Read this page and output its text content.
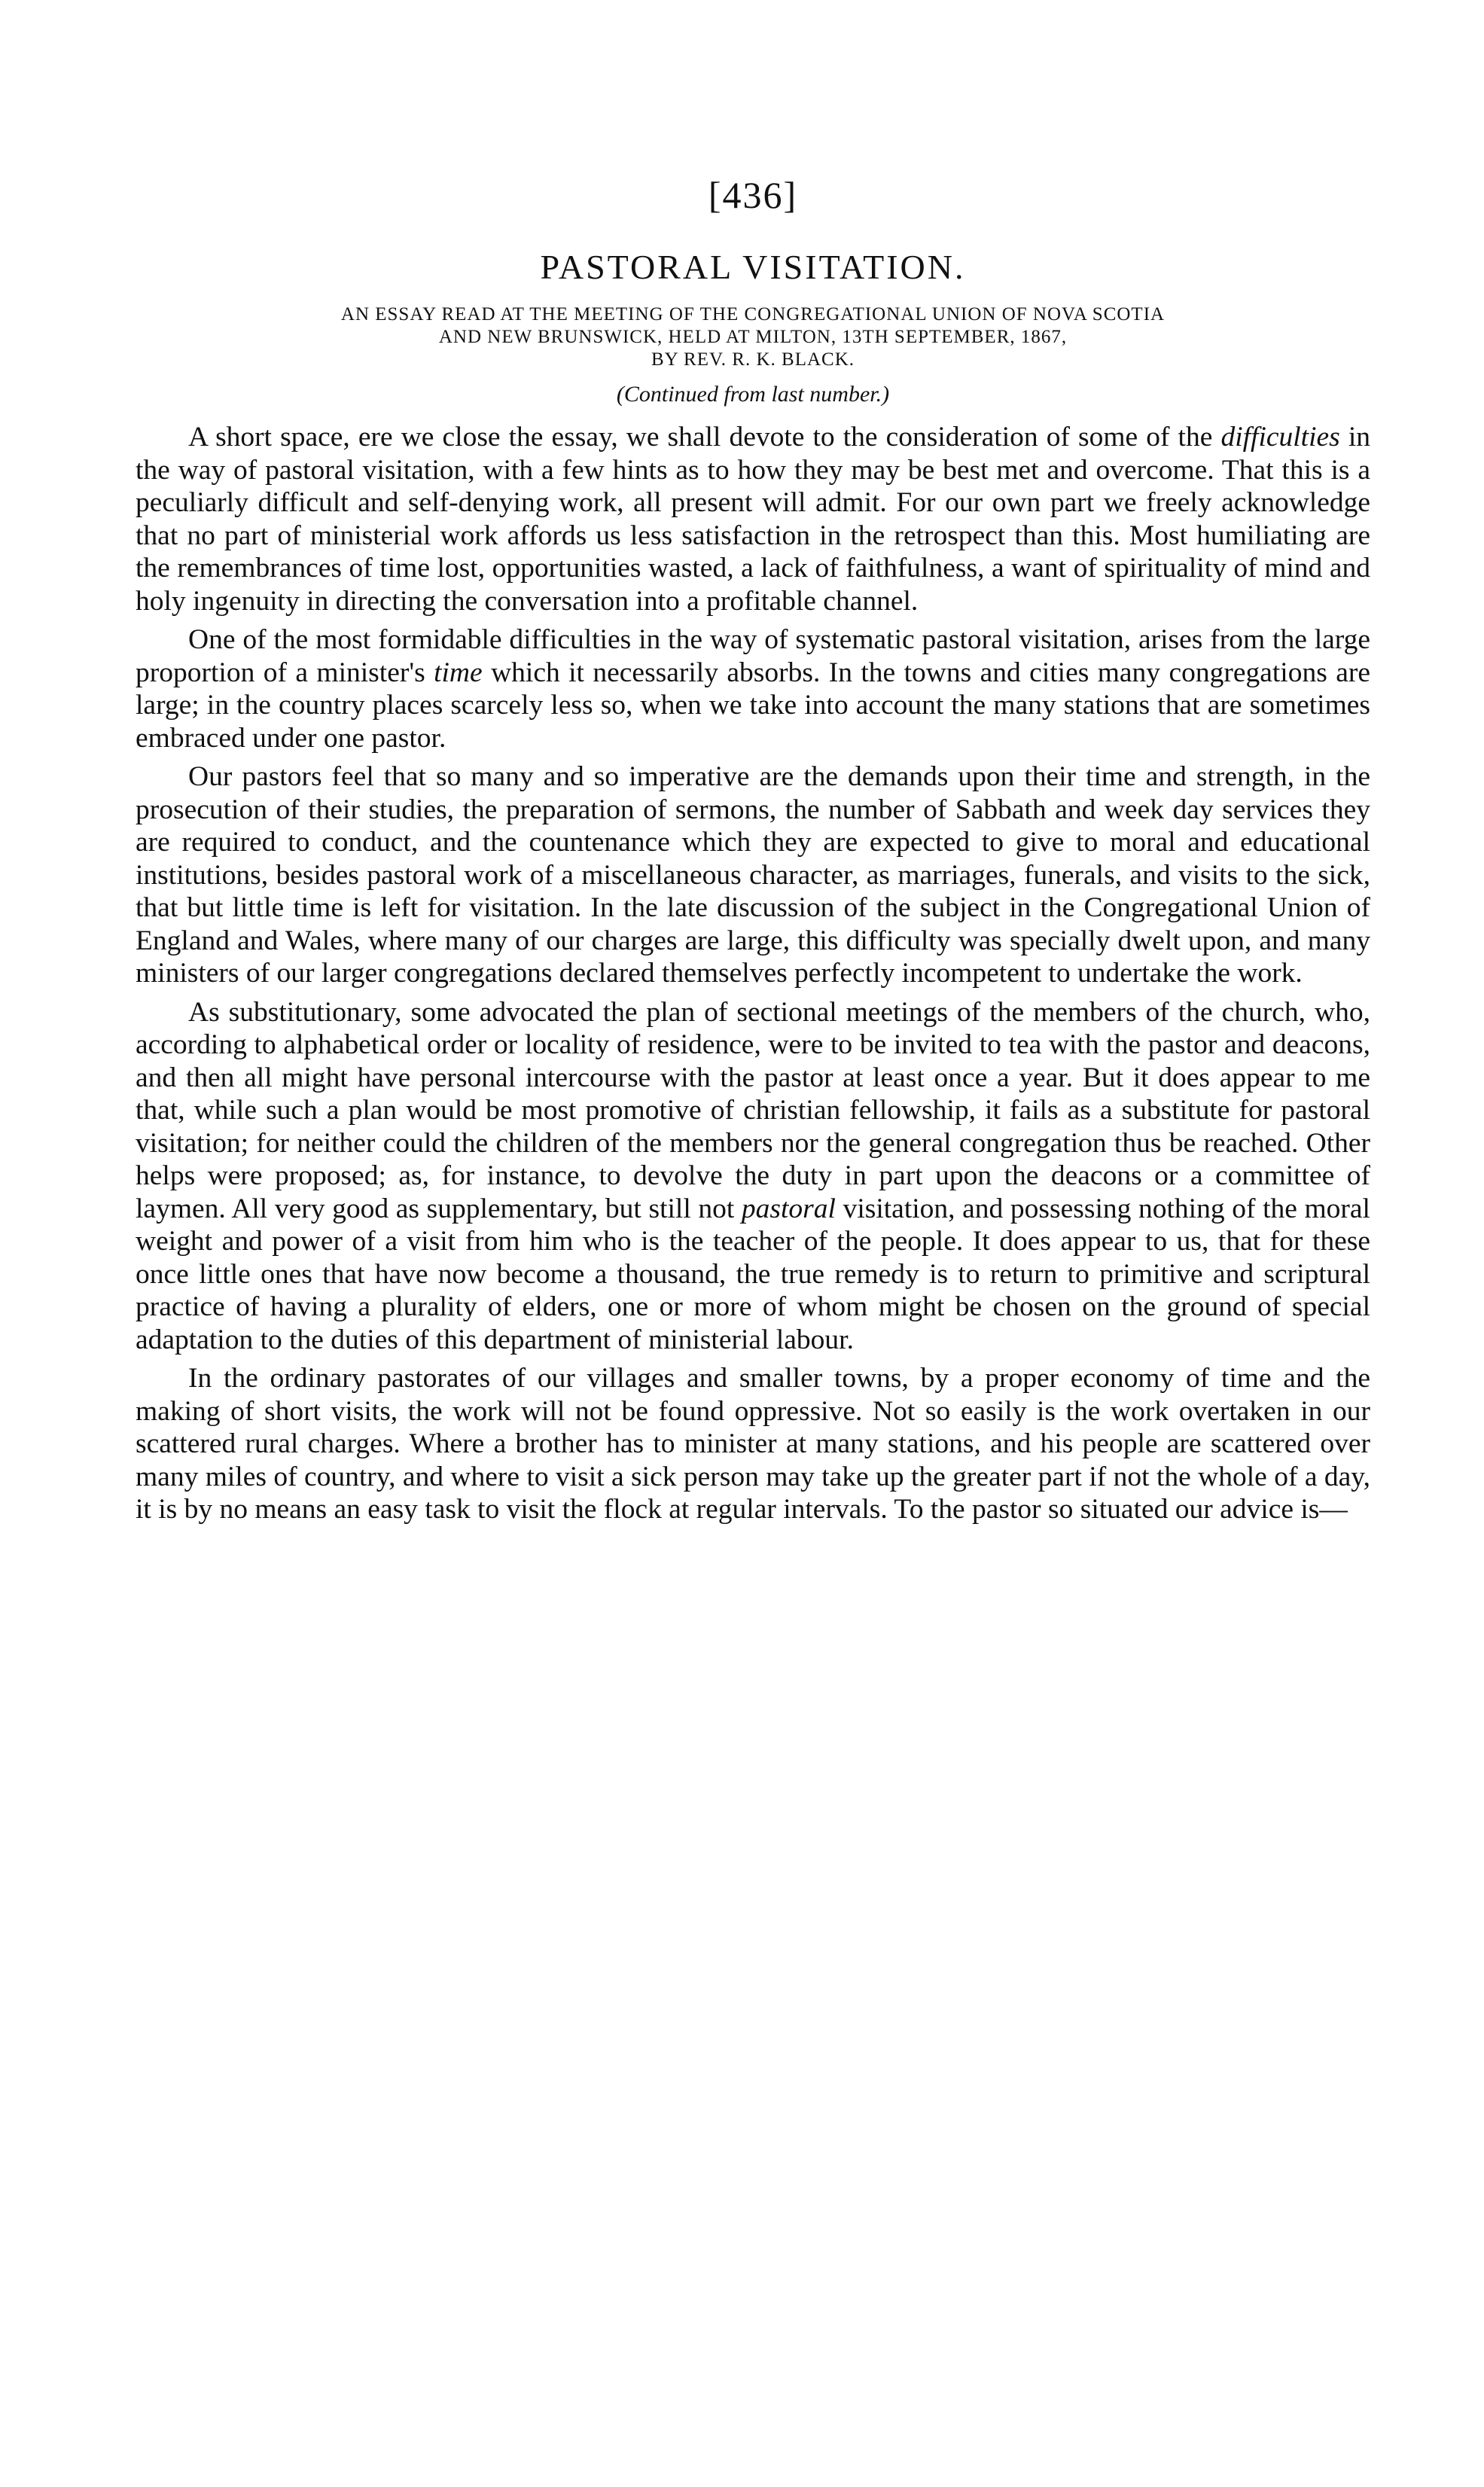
[436]
PASTORAL VISITATION.

AN ESSAY READ AT THE MEETING OF THE CONGREGATIONAL UNION OF NOVA SCOTIA

AND NEW BRUNSWICK, HELD AT MILTON, 13TH SEPTEMBER, 1867,

BY REV. R. K. BLACK.

(Continued from last number.)

A short space, ere we close the essay, we shall devote to the consideration of some of the difficulties in the way of pastoral visitation, with a few hints as to how they may be best met and overcome. That this is a peculiarly difficult and self-denying work, all present will admit. For our own part we freely acknowledge that no part of ministerial work affords us less satisfaction in the retrospect than this. Most humiliating are the remembrances of time lost, opportunities wasted, a lack of faithfulness, a want of spirituality of mind and holy ingenuity in directing the conversation into a profitable channel.

One of the most formidable difficulties in the way of systematic pastoral visitation, arises from the large proportion of a minister's time which it necessarily absorbs. In the towns and cities many congregations are large; in the country places scarcely less so, when we take into account the many stations that are sometimes embraced under one pastor.

Our pastors feel that so many and so imperative are the demands upon their time and strength, in the prosecution of their studies, the preparation of sermons, the number of Sabbath and week day services they are required to conduct, and the countenance which they are expected to give to moral and educational institutions, besides pastoral work of a miscellaneous character, as marriages, funerals, and visits to the sick, that but little time is left for visitation. In the late discussion of the subject in the Congregational Union of England and Wales, where many of our charges are large, this difficulty was specially dwelt upon, and many ministers of our larger congregations declared themselves perfectly incompetent to undertake the work.

As substitutionary, some advocated the plan of sectional meetings of the members of the church, who, according to alphabetical order or locality of residence, were to be invited to tea with the pastor and deacons, and then all might have personal intercourse with the pastor at least once a year. But it does appear to me that, while such a plan would be most promotive of christian fellowship, it fails as a substitute for pastoral visitation; for neither could the children of the members nor the general congregation thus be reached. Other helps were proposed; as, for instance, to devolve the duty in part upon the deacons or a committee of laymen. All very good as supplementary, but still not pastoral visitation, and possessing nothing of the moral weight and power of a visit from him who is the teacher of the people. It does appear to us, that for these once little ones that have now become a thousand, the true remedy is to return to primitive and scriptural practice of having a plurality of elders, one or more of whom might be chosen on the ground of special adaptation to the duties of this department of ministerial labour.

In the ordinary pastorates of our villages and smaller towns, by a proper economy of time and the making of short visits, the work will not be found oppressive. Not so easily is the work overtaken in our scattered rural charges. Where a brother has to minister at many stations, and his people are scattered over many miles of country, and where to visit a sick person may take up the greater part if not the whole of a day, it is by no means an easy task to visit the flock at regular intervals. To the pastor so situated our advice is—
